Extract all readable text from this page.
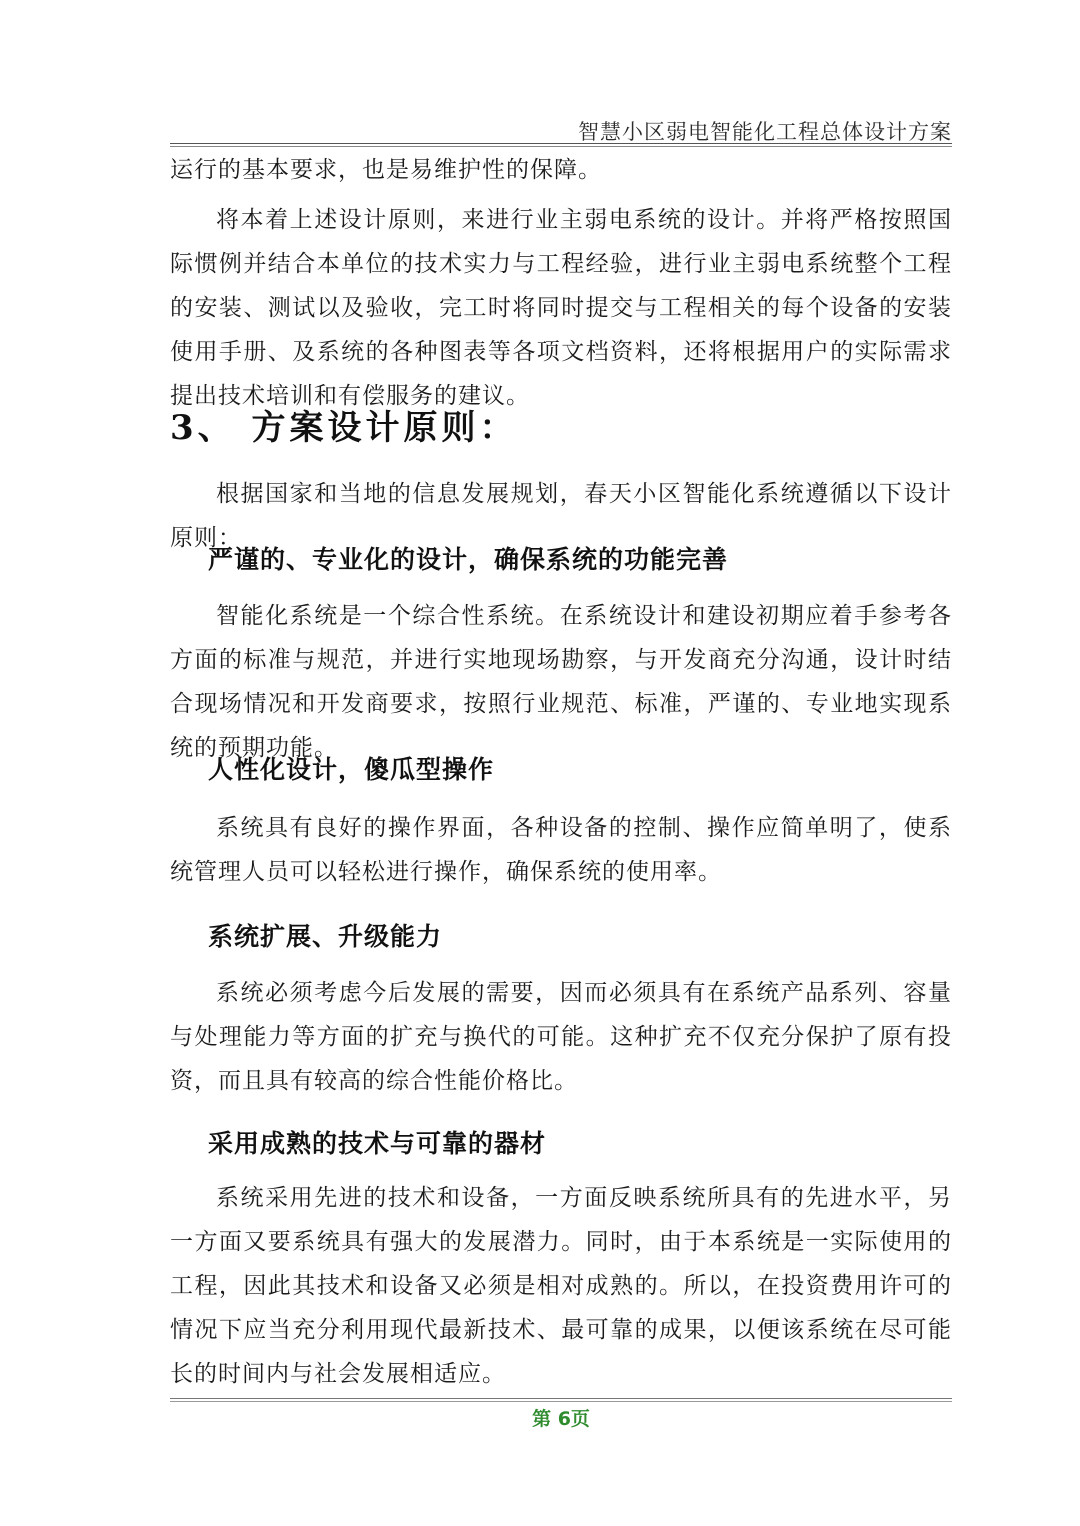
智慧小区弱电智能化工程总体设计方案

运行的基本要求，也是易维护性的保障。

将本着上述设计原则，来进行业主弱电系统的设计。并将严格按照国际惯例并结合本单位的技术实力与工程经验，进行业主弱电系统整个工程的安装、测试以及验收，完工时将同时提交与工程相关的每个设备的安装使用手册、及系统的各种图表等各项文档资料，还将根据用户的实际需求提出技术培训和有偿服务的建议。

3、 方案设计原则：

根据国家和当地的信息发展规划，春天小区智能化系统遵循以下设计原则：

严谨的、专业化的设计，确保系统的功能完善

智能化系统是一个综合性系统。在系统设计和建设初期应着手参考各方面的标准与规范，并进行实地现场勘察，与开发商充分沟通，设计时结合现场情况和开发商要求，按照行业规范、标准，严谨的、专业地实现系统的预期功能。

人性化设计，傻瓜型操作

系统具有良好的操作界面，各种设备的控制、操作应简单明了，使系统管理人员可以轻松进行操作，确保系统的使用率。

系统扩展、升级能力

系统必须考虑今后发展的需要，因而必须具有在系统产品系列、容量与处理能力等方面的扩充与换代的可能。这种扩充不仅充分保护了原有投资，而且具有较高的综合性能价格比。

采用成熟的技术与可靠的器材

系统采用先进的技术和设备，一方面反映系统所具有的先进水平，另一方面又要系统具有强大的发展潜力。同时，由于本系统是一实际使用的工程，因此其技术和设备又必须是相对成熟的。所以，在投资费用许可的情况下应当充分利用现代最新技术、最可靠的成果，以便该系统在尽可能长的时间内与社会发展相适应。

第 6页
